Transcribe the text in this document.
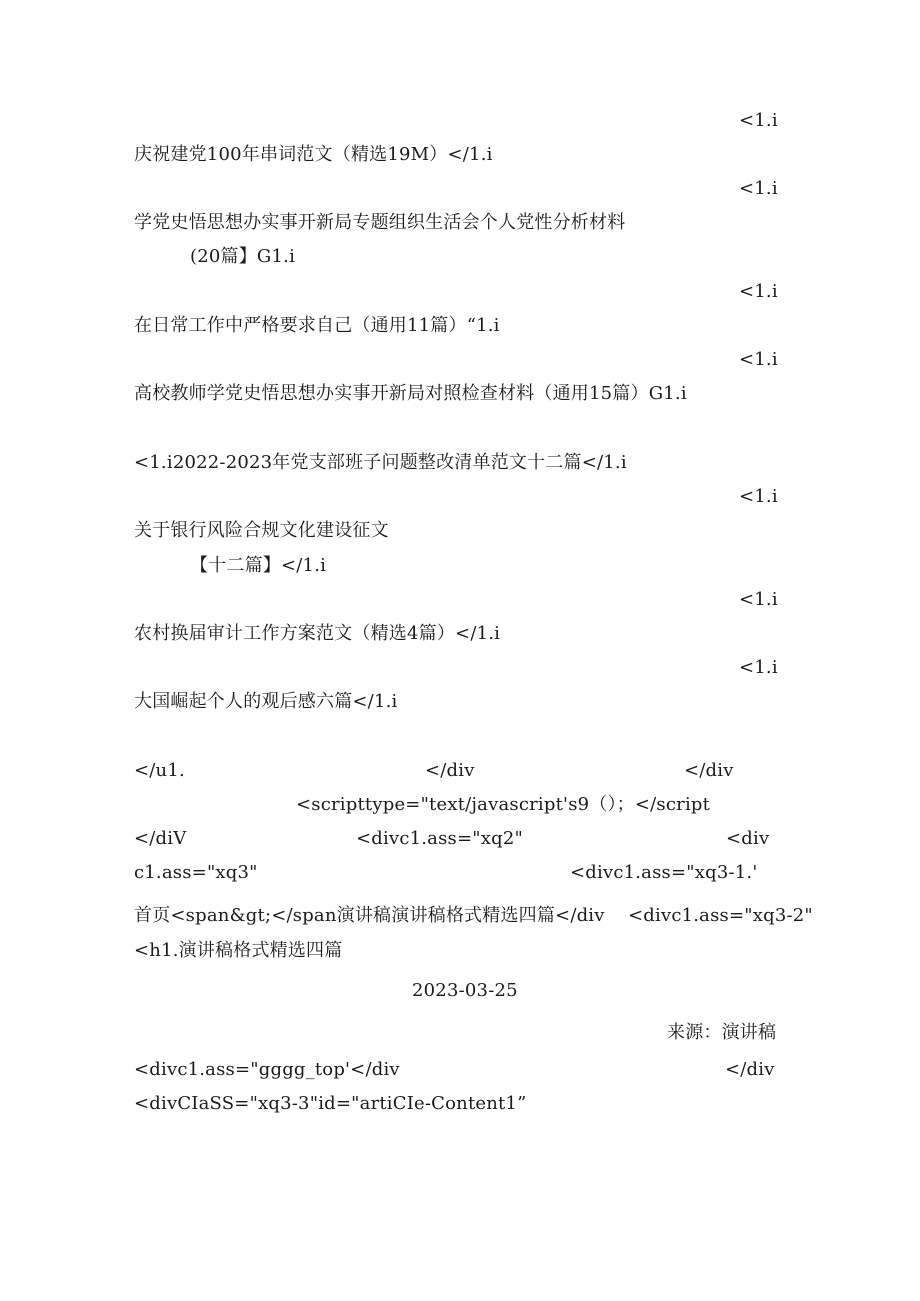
<1.i
庆祝建党100年串词范文（精选19M）</1.i
<1.i
学党史悟思想办实事开新局专题组织生活会个人党性分析材料
(20篇】G1.i
<1.i
在日常工作中严格要求自己（通用11篇）“1.i
<1.i
高校教师学党史悟思想办实事开新局对照检查材料（通用15篇）G1.i
<1.i2022-2023年党支部班子问题整改清单范文十二篇</1.i
<1.i
关于银行风险合规文化建设征文
【十二篇】</1.i
<1.i
农村换届审计工作方案范文（精选4篇）</1.i
<1.i
大国崛起个人的观后感六篇</1.i
</u1.	</div	</div
<scripttype="text/javascript's9（）；</script
</diV	<divc1.ass="xq2"	<div
c1.ass="xq3"	<divc1.ass="xq3-1.'
首页<span&gt;</span演讲稿演讲稿格式精选四篇</div <divc1.ass="xq3-2"
<h1.演讲稿格式精选四篇
2023-03-25
来源：演讲稿
<divc1.ass="gggg_top'</div	</div
<divCIaSS="xq3-3"id="artiCIe-Content1”
